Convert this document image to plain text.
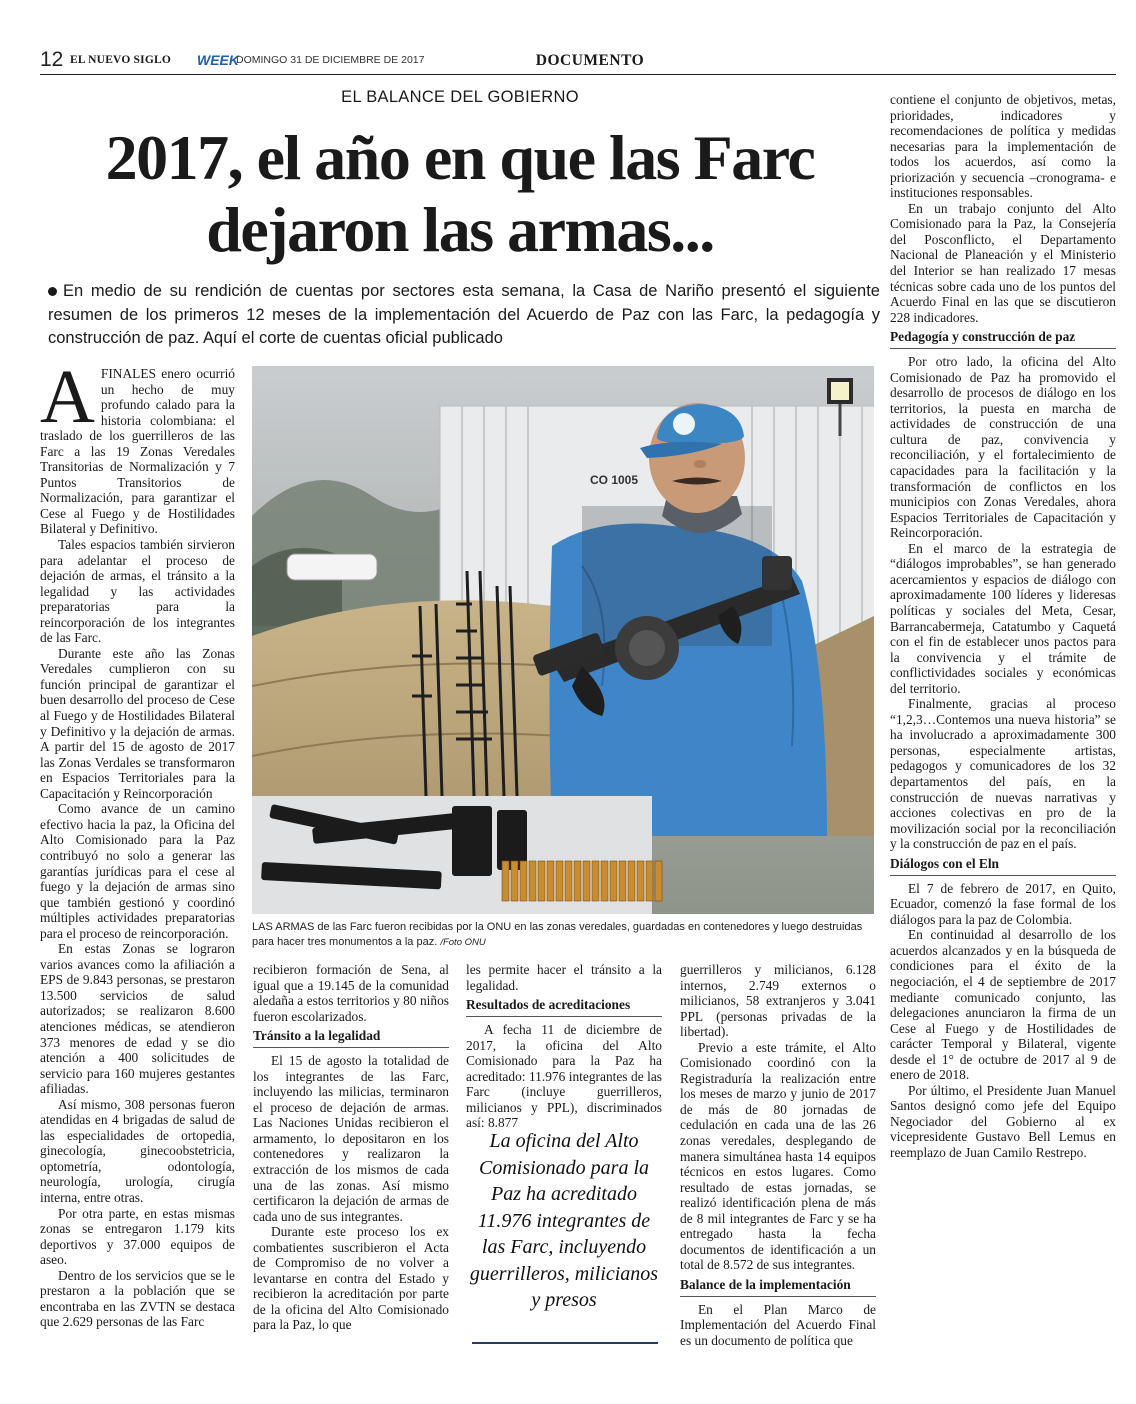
12 EL NUEVO SIGLO WEEK
DOMINGO 31 DE DICIEMBRE DE 2017	DOCUMENTO
EL BALANCE DEL GOBIERNO
2017, el año en que las Farc
dejaron las armas...
En medio de su rendición de cuentas por sectores esta semana, la Casa de Nariño presentó el siguiente resumen de los primeros 12 meses de la implementación del Acuerdo de Paz con las Farc, la pedagogía y construcción de paz. Aquí el corte de cuentas oficial publicado

AFINALES enero ocurrió un hecho de muy profundo calado para la historia colombiana: el traslado de los guerrilleros de las Farc a las 19 Zonas Veredales Transitorias de Normalización y 7 Puntos Transitorios de Normalización, para garantizar el Cese al Fuego y de Hostilidades Bilateral y Definitivo.

Tales espacios también sirvieron para adelantar el proceso de dejación de armas, el tránsito a la legalidad y las actividades preparatorias para la reincorporación de los integrantes de las Farc.

Durante este año las Zonas Veredales cumplieron con su función principal de garantizar el buen desarrollo del proceso de Cese al Fuego y de Hostilidades Bilateral y Definitivo y la dejación de armas. A partir del 15 de agosto de 2017 las Zonas Verdales se transformaron en Espacios Territoriales para la Capacitación y Reincorporación

Como avance de un camino efectivo hacia la paz, la Oficina del Alto Comisionado para la Paz contribuyó no solo a generar las garantías jurídicas para el cese al fuego y la dejación de armas sino que también gestionó y coordinó múltiples actividades preparatorias para el proceso de reincorporación.

En estas Zonas se lograron varios avances como la afiliación a EPS de 9.843 personas, se prestaron 13.500 servicios de salud autorizados; se realizaron 8.600 atenciones médicas, se atendieron 373 menores de edad y se dio atención a 400 solicitudes de servicio para 160 mujeres gestantes afiliadas.

Así mismo, 308 personas fueron atendidas en 4 brigadas de salud de las especialidades de ortopedia, ginecología, ginecoobstetricia, optometría, odontología, neurología, urología, cirugía interna, entre otras.

Por otra parte, en estas mismas zonas se entregaron 1.179 kits deportivos y 37.000 equipos de aseo.

Dentro de los servicios que se le prestaron a la población que se encontraba en las ZVTN se destaca que 2.629 personas de las Farc

CO 1005
LAS ARMAS de las Farc fueron recibidas por la ONU en las zonas veredales, guardadas en contenedores y luego destruidas para hacer tres monumentos a la paz. /Foto ONU

recibieron formación de Sena, al igual que a 19.145 de la comunidad aledaña a estos territorios y 80 niños fueron escolarizados.

Tránsito a la legalidad

El 15 de agosto la totalidad de los integrantes de las Farc, incluyendo las milicias, terminaron el proceso de dejación de armas. Las Naciones Unidas recibieron el armamento, lo depositaron en los contenedores y realizaron la extracción de los mismos de cada una de las zonas. Así mismo certificaron la dejación de armas de cada uno de sus integrantes.

Durante este proceso los ex combatientes suscribieron el Acta de Compromiso de no volver a levantarse en contra del Estado y recibieron la acreditación por parte de la oficina del Alto Comisionado para la Paz, lo que

les permite hacer el tránsito a la legalidad.

Resultados de acreditaciones

A fecha 11 de diciembre de 2017, la oficina del Alto Comisionado para la Paz ha acreditado: 11.976 integrantes de las Farc (incluye guerrilleros, milicianos y PPL), discriminados así: 8.877

La oficina del Alto Comisionado para la Paz ha acreditado 11.976 integrantes de las Farc, incluyendo guerrilleros, milicianos y presos

guerrilleros y milicianos, 6.128 internos, 2.749 externos o milicianos, 58 extranjeros y 3.041 PPL (personas privadas de la libertad).

Previo a este trámite, el Alto Comisionado coordinó con la Registraduría la realización entre los meses de marzo y junio de 2017 de más de 80 jornadas de cedulación en cada una de las 26 zonas veredales, desplegando de manera simultánea hasta 14 equipos técnicos en estos lugares. Como resultado de estas jornadas, se realizó identificación plena de más de 8 mil integrantes de Farc y se ha entregado hasta la fecha documentos de identificación a un total de 8.572 de sus integrantes.

Balance de la implementación

En el Plan Marco de Implementación del Acuerdo Final es un documento de política que

contiene el conjunto de objetivos, metas, prioridades, indicadores y recomendaciones de política y medidas necesarias para la implementación de todos los acuerdos, así como la priorización y secuencia –cronograma- e instituciones responsables.

En un trabajo conjunto del Alto Comisionado para la Paz, la Consejería del Posconflicto, el Departamento Nacional de Planeación y el Ministerio del Interior se han realizado 17 mesas técnicas sobre cada uno de los puntos del Acuerdo Final en las que se discutieron 228 indicadores.

Pedagogía y construcción de paz

Por otro lado, la oficina del Alto Comisionado de Paz ha promovido el desarrollo de procesos de diálogo en los territorios, la puesta en marcha de actividades de construcción de una cultura de paz, convivencia y reconciliación, y el fortalecimiento de capacidades para la facilitación y la transformación de conflictos en los municipios con Zonas Veredales, ahora Espacios Territoriales de Capacitación y Reincorporación.

En el marco de la estrategia de “diálogos improbables”, se han generado acercamientos y espacios de diálogo con aproximadamente 100 líderes y lideresas políticas y sociales del Meta, Cesar, Barrancabermeja, Catatumbo y Caquetá con el fin de establecer unos pactos para la convivencia y el trámite de conflictividades sociales y económicas del territorio.

Finalmente, gracias al proceso “1,2,3…Contemos una nueva historia” se ha involucrado a aproximadamente 300 personas, especialmente artistas, pedagogos y comunicadores de los 32 departamentos del país, en la construcción de nuevas narrativas y acciones colectivas en pro de la movilización social por la reconciliación y la construcción de paz en el país.

Diálogos con el Eln

El 7 de febrero de 2017, en Quito, Ecuador, comenzó la fase formal de los diálogos para la paz de Colombia.

En continuidad al desarrollo de los acuerdos alcanzados y en la búsqueda de condiciones para el éxito de la negociación, el 4 de septiembre de 2017 mediante comunicado conjunto, las delegaciones anunciaron la firma de un Cese al Fuego y de Hostilidades de carácter Temporal y Bilateral, vigente desde el 1° de octubre de 2017 al 9 de enero de 2018.

Por último, el Presidente Juan Manuel Santos designó como jefe del Equipo Negociador del Gobierno al ex vicepresidente Gustavo Bell Lemus en reemplazo de Juan Camilo Restrepo.
